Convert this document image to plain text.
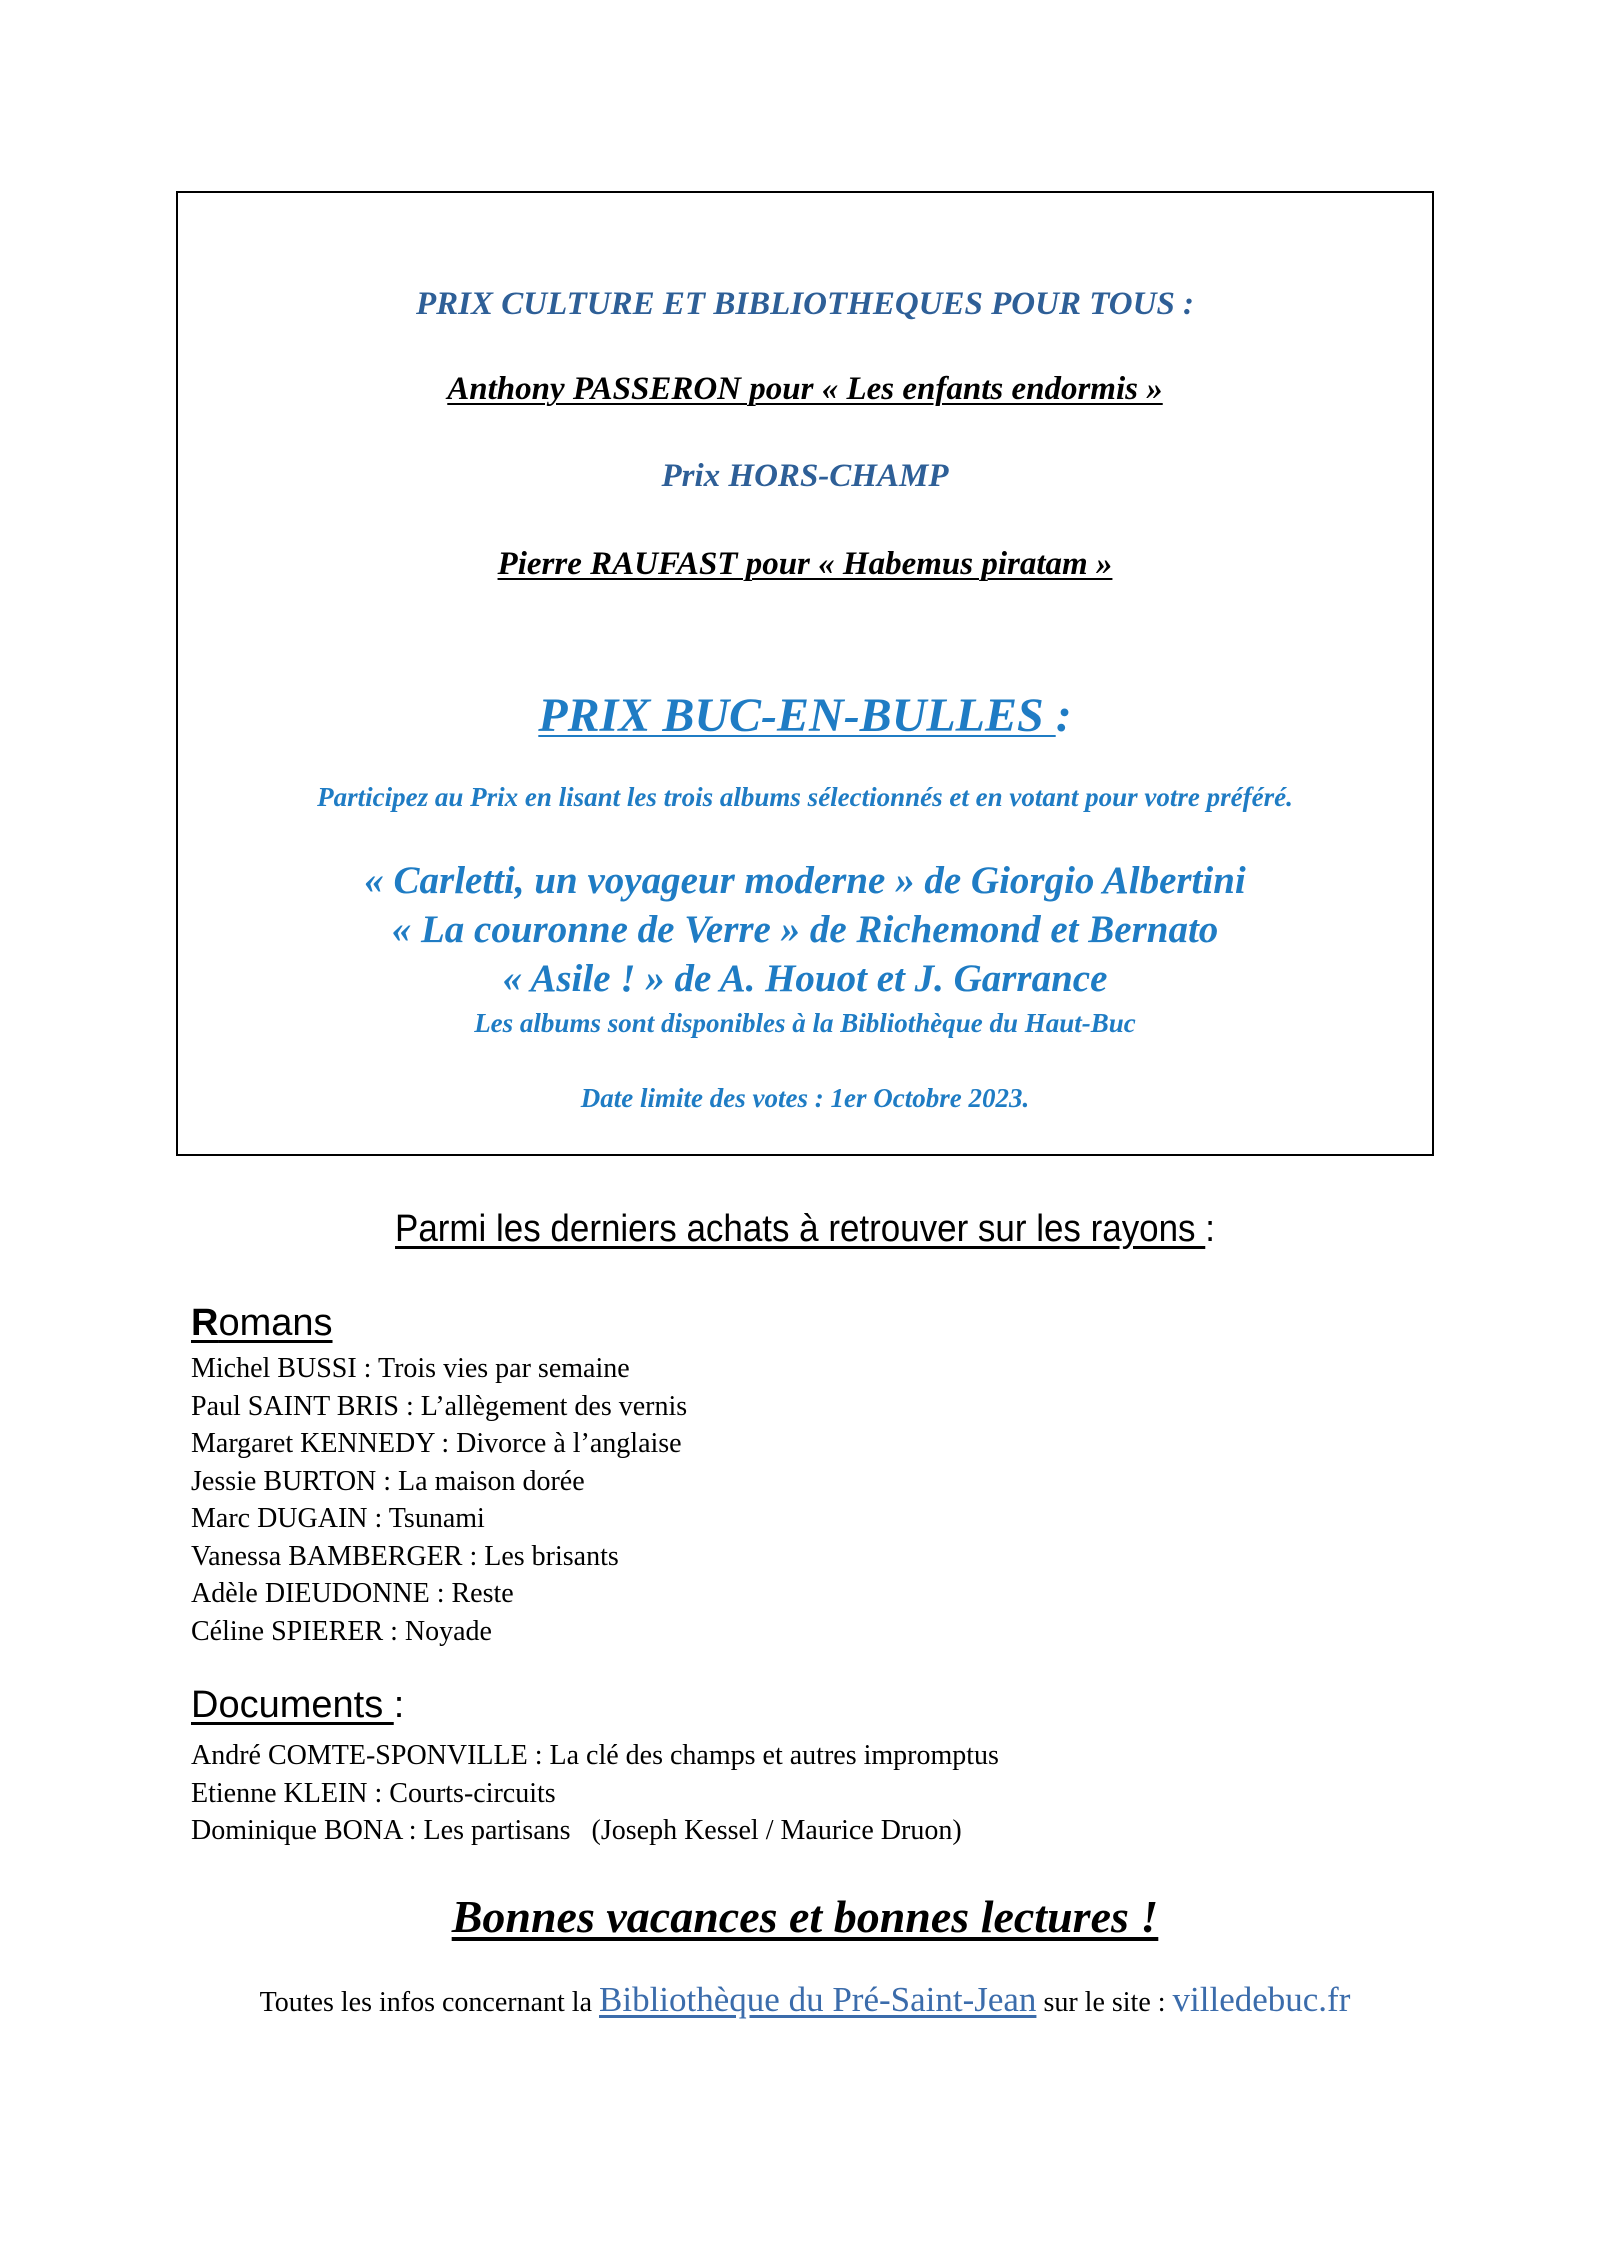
PRIX CULTURE ET BIBLIOTHEQUES POUR TOUS :
Anthony PASSERON pour « Les enfants endormis »
Prix HORS-CHAMP
Pierre RAUFAST pour « Habemus piratam »
PRIX BUC-EN-BULLES :
Participez au Prix en lisant les trois albums sélectionnés et en votant pour votre préféré.
« Carletti, un voyageur moderne » de Giorgio Albertini
« La couronne de Verre » de Richemond et Bernato
« Asile ! » de A. Houot et J. Garrance
Les albums sont disponibles à la Bibliothèque du Haut-Buc
Date limite des votes : 1er Octobre 2023.
Parmi les derniers achats à retrouver sur les rayons :
Romans
Michel BUSSI : Trois vies par semaine
Paul SAINT BRIS : L’allègement des vernis
Margaret KENNEDY : Divorce à l’anglaise
Jessie BURTON : La maison dorée
Marc DUGAIN : Tsunami
Vanessa BAMBERGER : Les brisants
Adèle DIEUDONNE : Reste
Céline SPIERER : Noyade
Documents :
André COMTE-SPONVILLE : La clé des champs et autres impromptus
Etienne KLEIN : Courts-circuits
Dominique BONA : Les partisans   (Joseph Kessel / Maurice Druon)
Bonnes vacances et bonnes lectures !
Toutes les infos concernant la Bibliothèque du Pré-Saint-Jean sur le site : villedebuc.fr
